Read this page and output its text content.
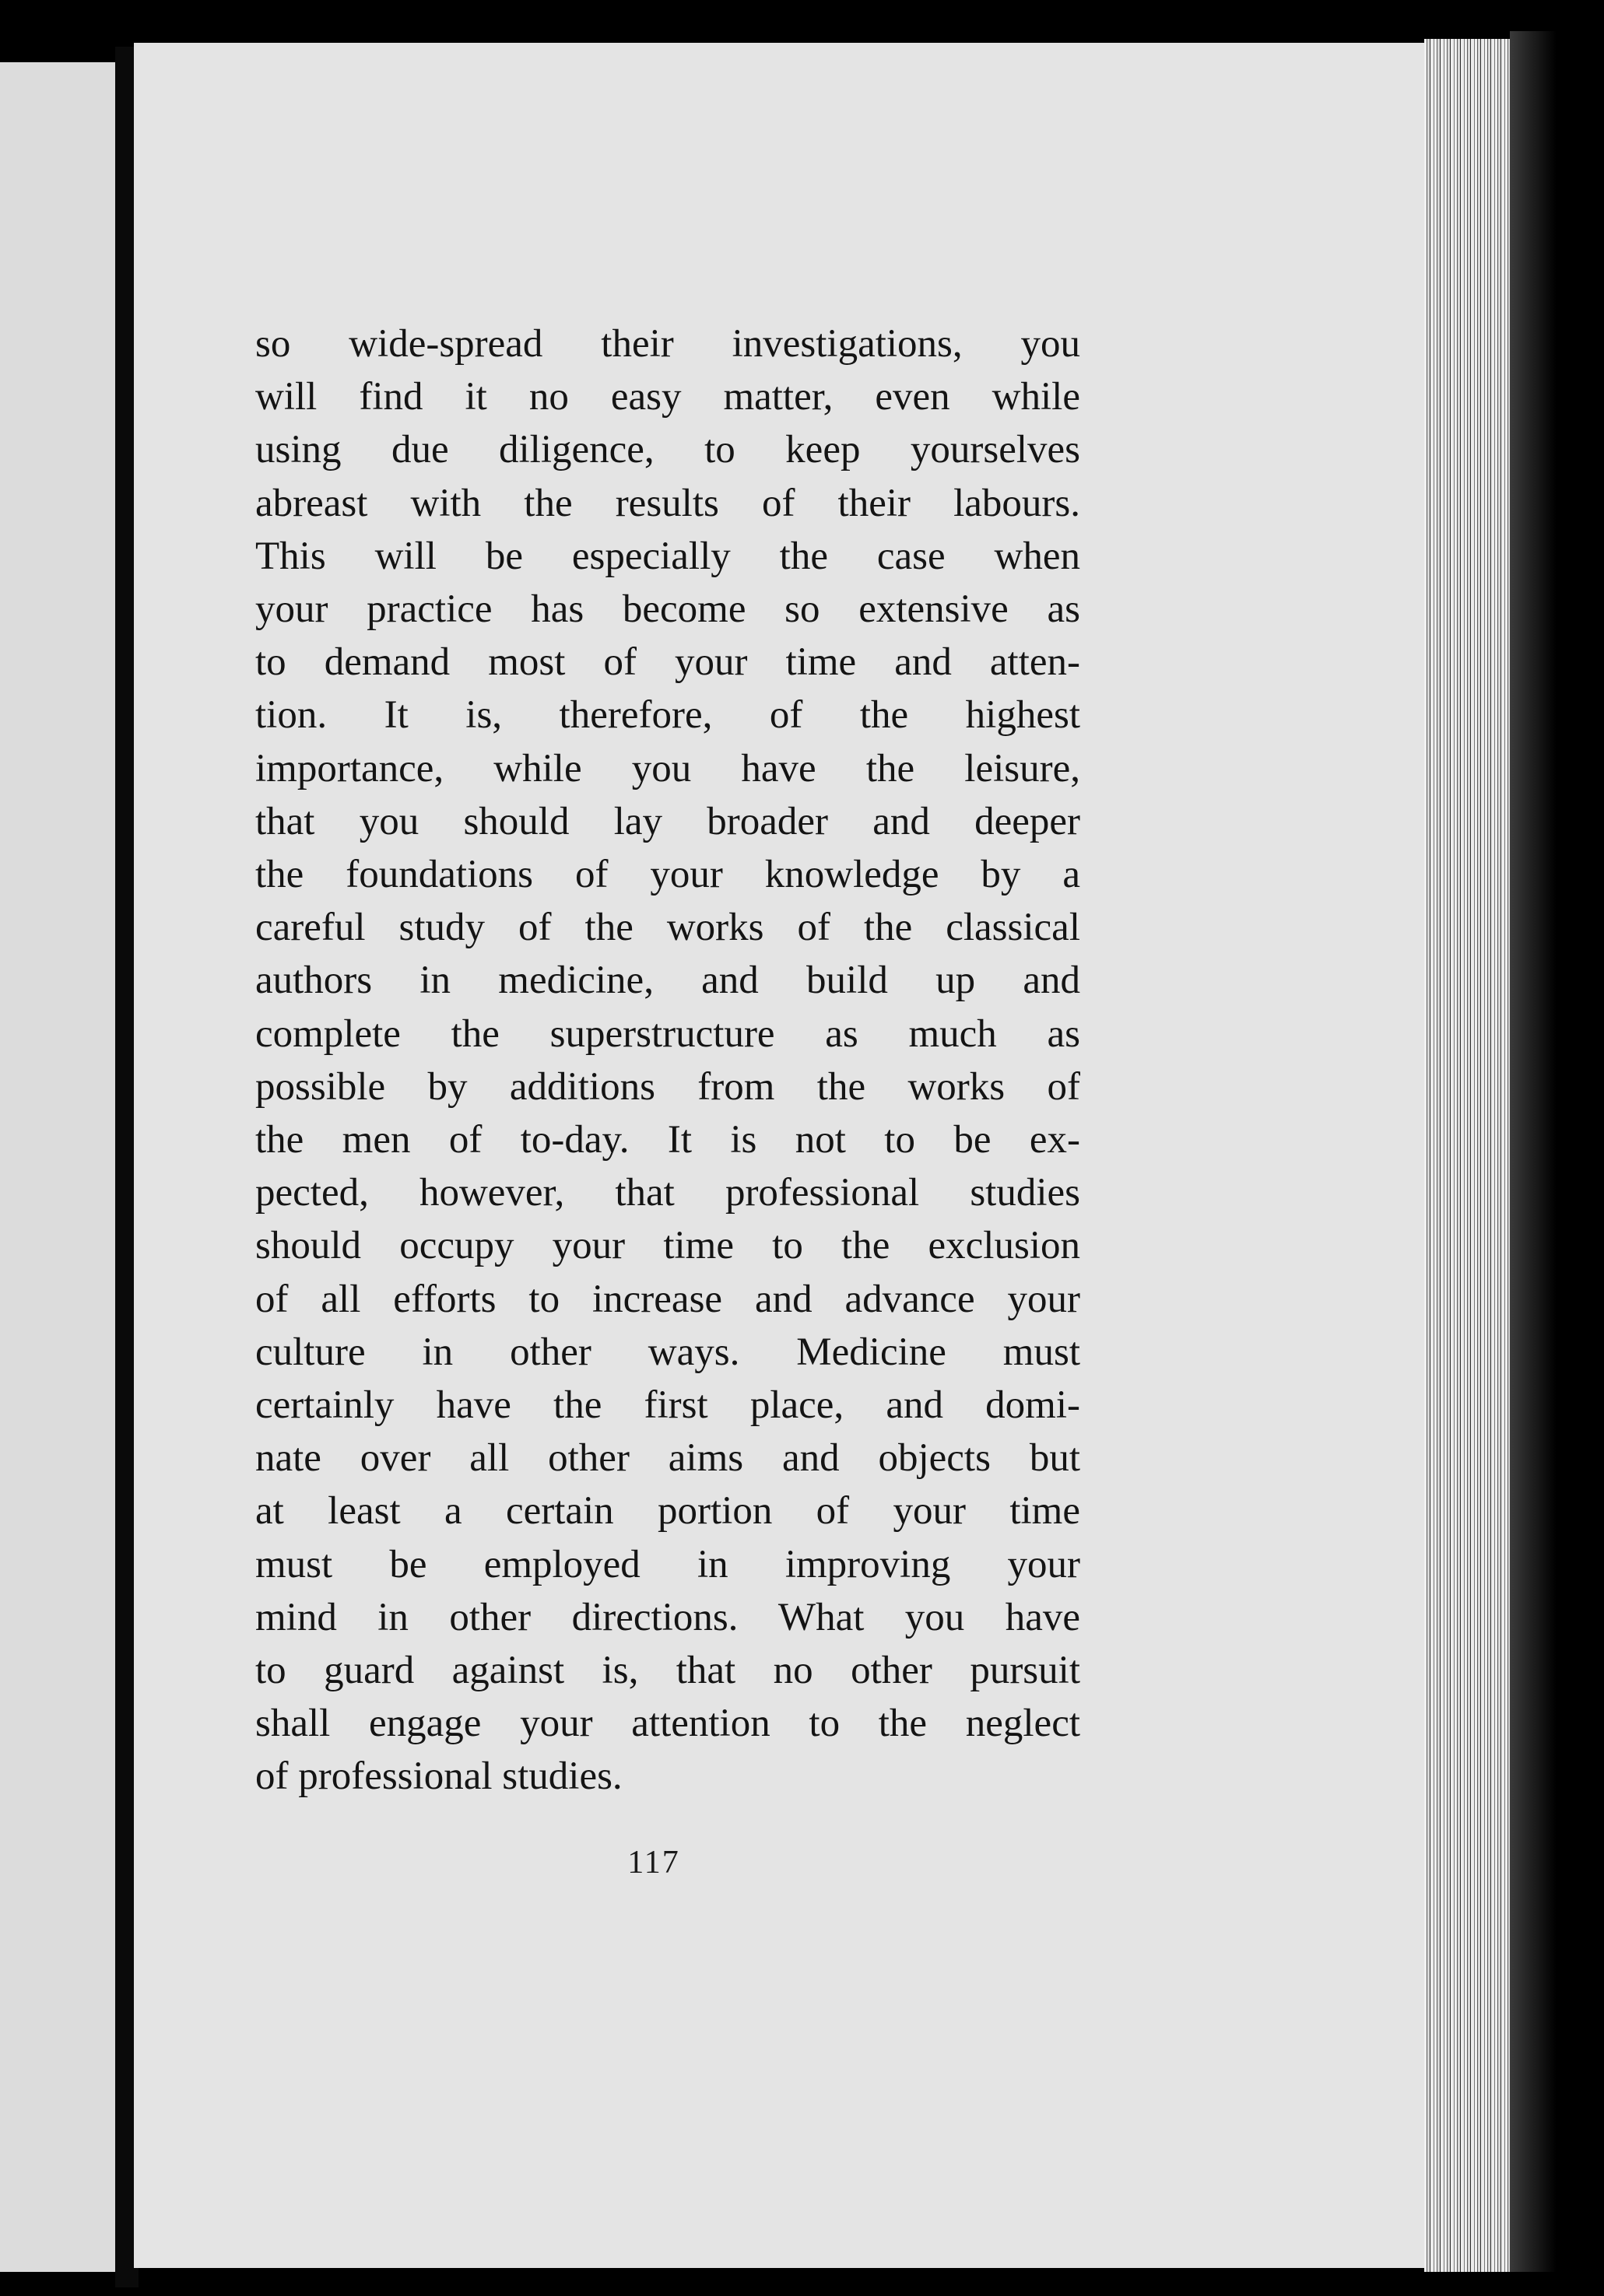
so wide-spread their investigations, you
will find it no easy matter, even while
using due diligence, to keep yourselves
abreast with the results of their labours.
This will be especially the case when
your practice has become so extensive as
to demand most of your time and atten-
tion. It is, therefore, of the highest
importance, while you have the leisure,
that you should lay broader and deeper
the foundations of your knowledge by a
careful study of the works of the classical
authors in medicine, and build up and
complete the superstructure as much as
possible by additions from the works of
the men of to-day. It is not to be ex-
pected, however, that professional studies
should occupy your time to the exclusion
of all efforts to increase and advance your
culture in other ways. Medicine must
certainly have the first place, and domi-
nate over all other aims and objects but
at least a certain portion of your time
must be employed in improving your
mind in other directions. What you have
to guard against is, that no other pursuit
shall engage your attention to the neglect
of professional studies.
117
